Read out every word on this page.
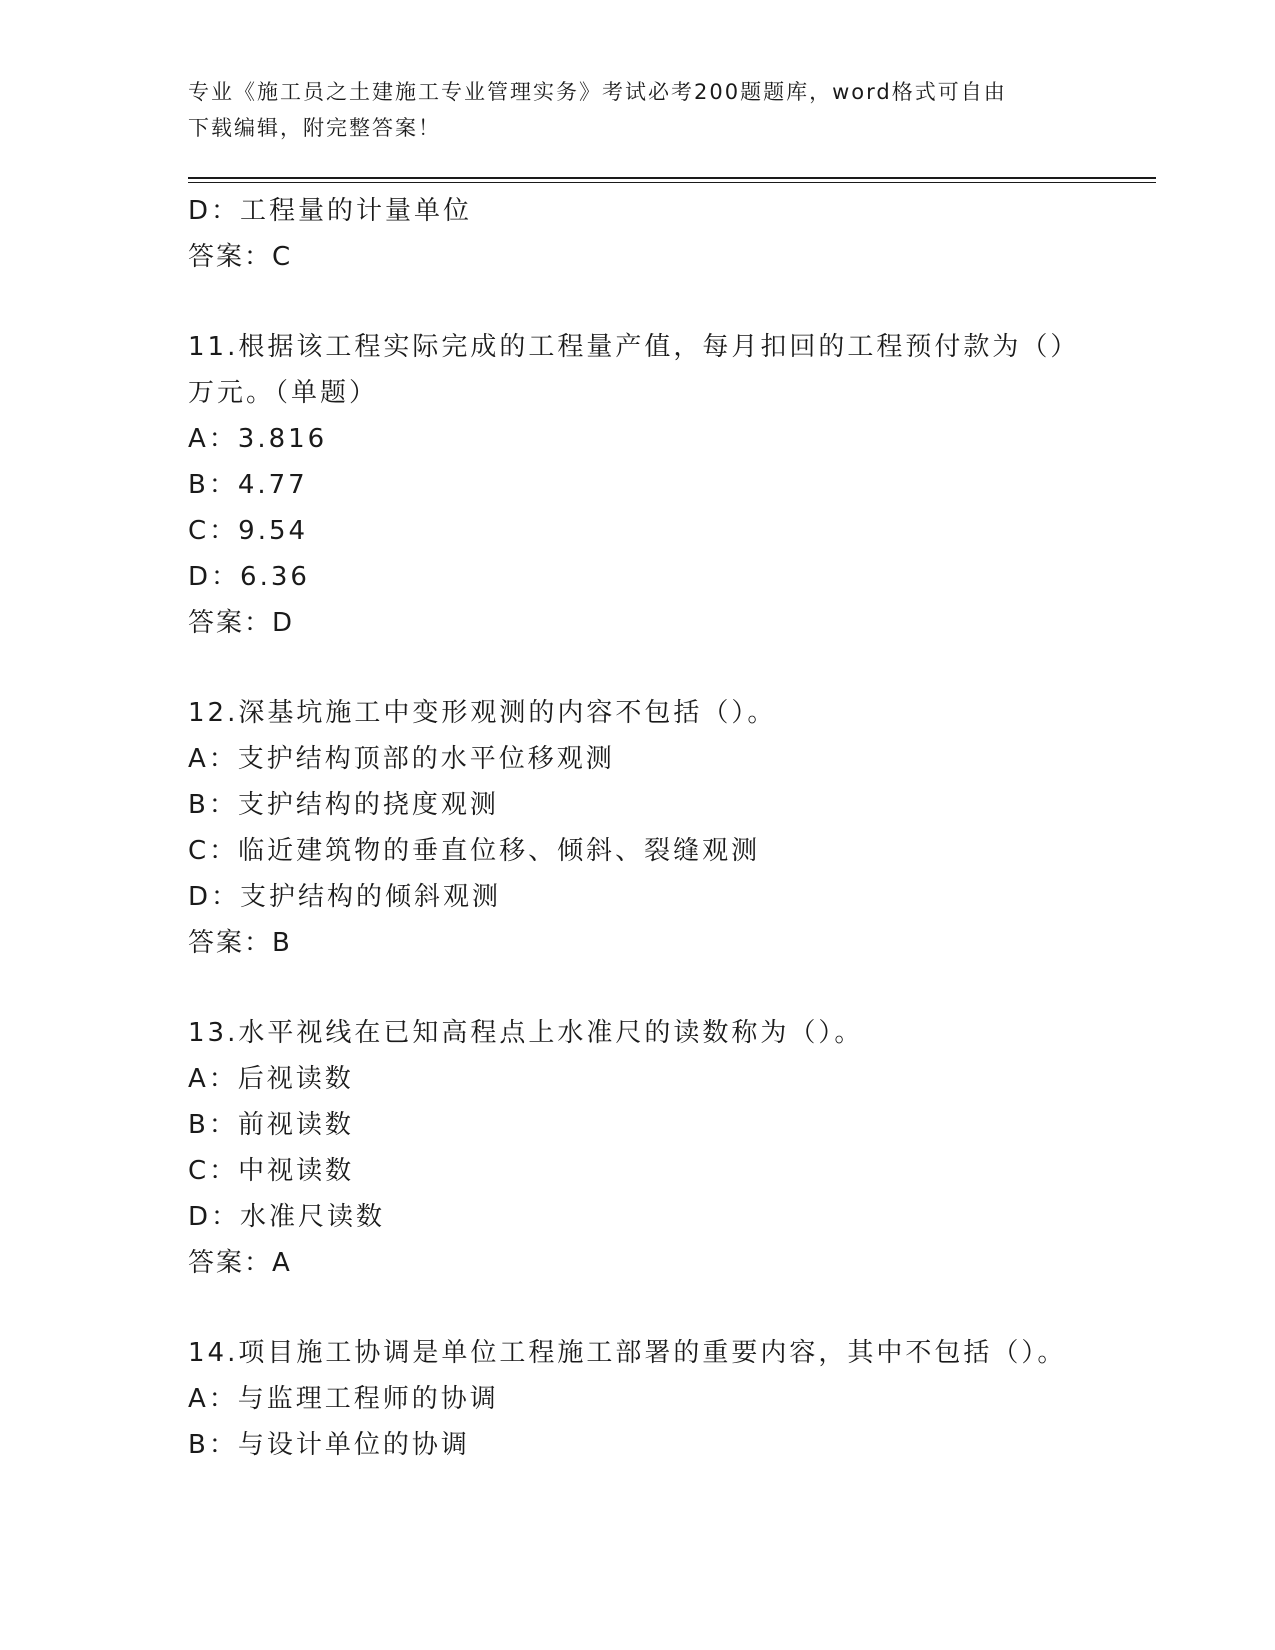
专业《施工员之土建施工专业管理实务》考试必考200题题库，word格式可自由
下载编辑，附完整答案！
D：工程量的计量单位
答案：C
11.根据该工程实际完成的工程量产值，每月扣回的工程预付款为（）
万元。（单题）
A：3.816
B：4.77
C：9.54
D：6.36
答案：D
12.深基坑施工中变形观测的内容不包括（）。
A：支护结构顶部的水平位移观测
B：支护结构的挠度观测
C：临近建筑物的垂直位移、倾斜、裂缝观测
D：支护结构的倾斜观测
答案：B
13.水平视线在已知高程点上水准尺的读数称为（）。
A：后视读数
B：前视读数
C：中视读数
D：水准尺读数
答案：A
14.项目施工协调是单位工程施工部署的重要内容，其中不包括（）。
A：与监理工程师的协调
B：与设计单位的协调
